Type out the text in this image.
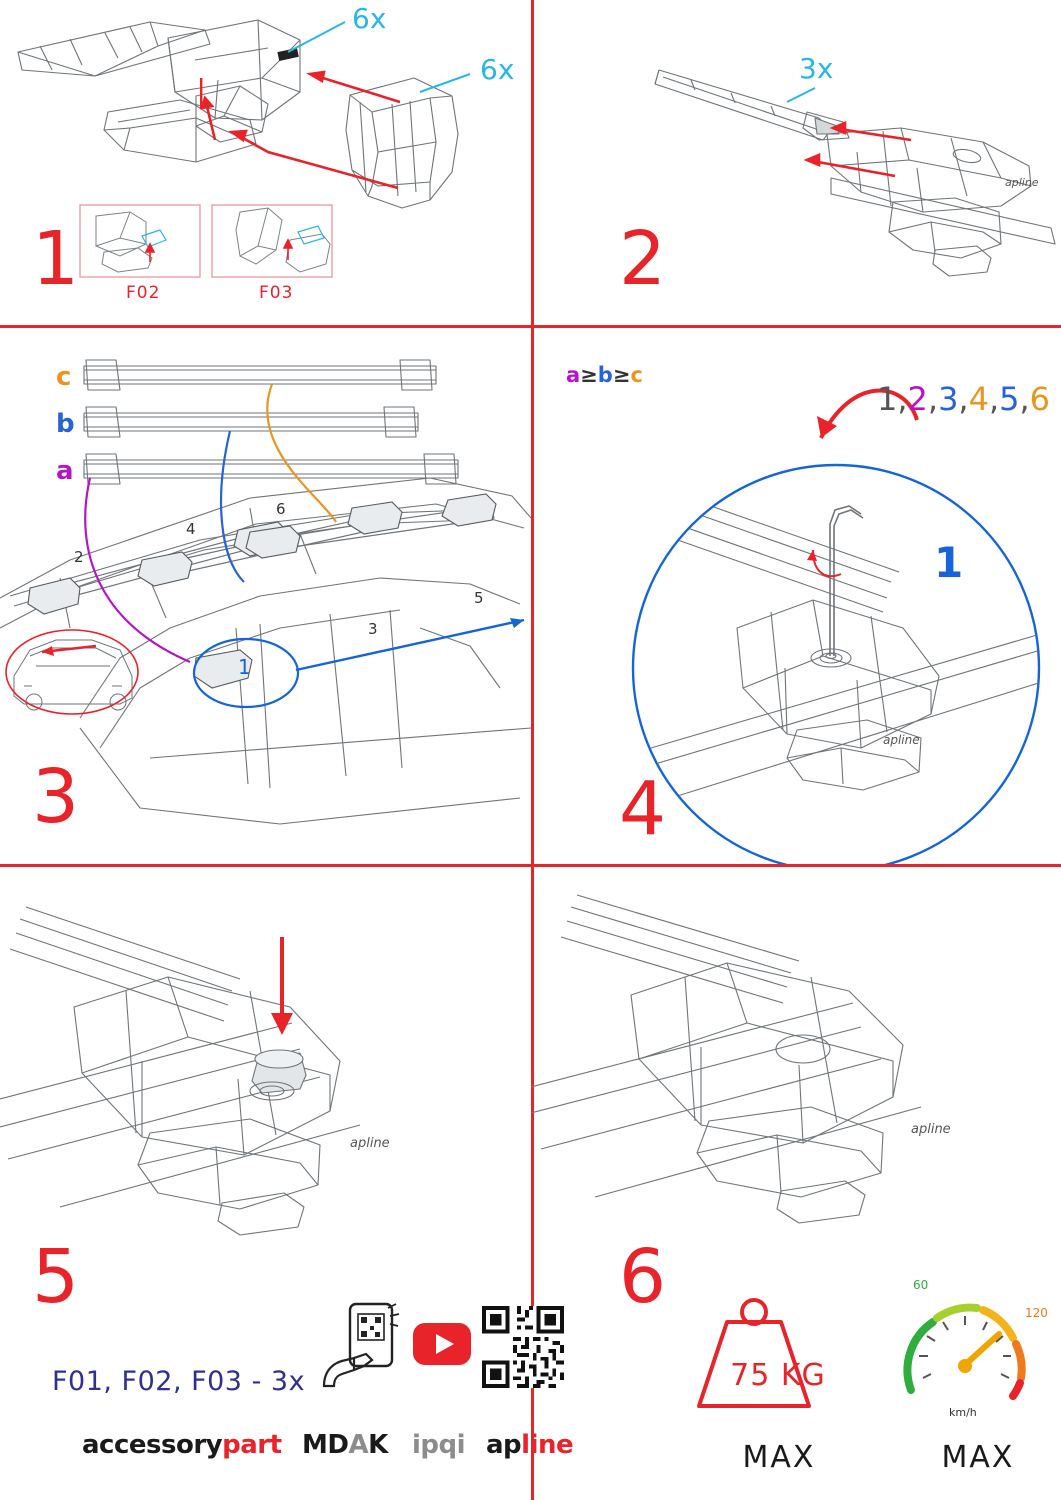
6x
6x
F02	F03
1
apline
3x
2
c
b
a
2
4
6
3
5
1
3
a≥b≥c
apline
1,2,3,4,5,6
1
4
apline
5
apline
6
F01, F02, F03 - 3x
accessorypart MDAK ipqi apline
75 KG
MAX
60
120
km/h
MAX
